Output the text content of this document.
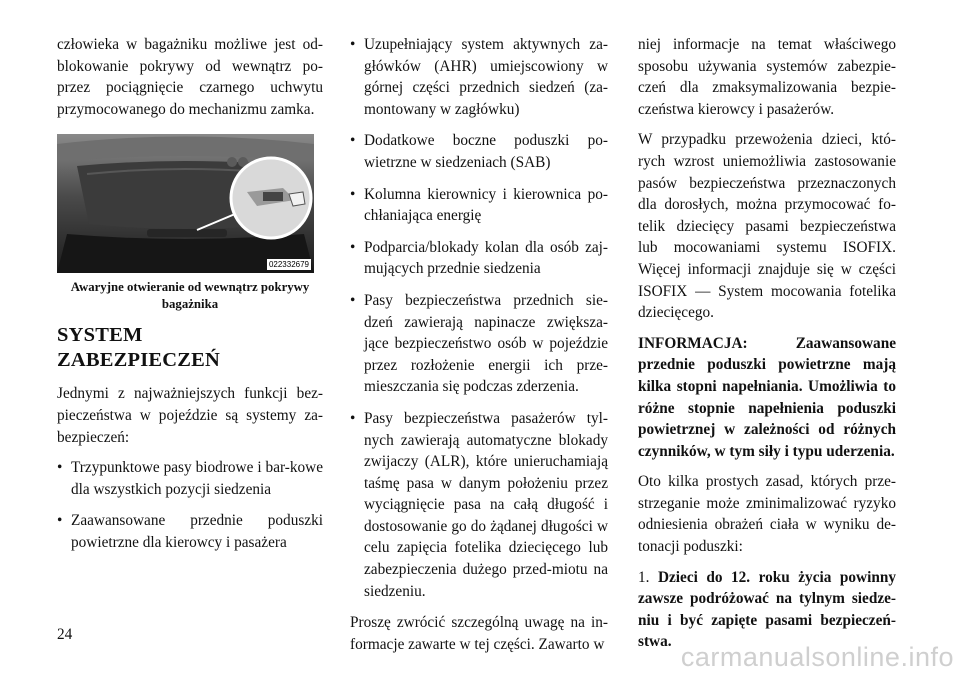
człowieka w bagażniku możliwe jest od-blokowanie pokrywy od wewnątrz po-przez pociągnięcie czarnego uchwytu przymocowanego do mechanizmu zamka.

022332679
Awaryjne otwieranie od wewnątrz pokrywy bagażnika
SYSTEM
ZABEZPIECZEŃ

Jednymi z najważniejszych funkcji bez-pieczeństwa w pojeździe są systemy za-bezpieczeń:

• Trzypunktowe pasy biodrowe i bar-kowe dla wszystkich pozycji siedzenia
• Zaawansowane przednie poduszki powietrzne dla kierowcy i pasażera
• Uzupełniający system aktywnych za-główków (AHR) umiejscowiony w górnej części przednich siedzeń (za-montowany w zagłówku)
• Dodatkowe boczne poduszki po-wietrzne w siedzeniach (SAB)
• Kolumna kierownicy i kierownica po-chłaniająca energię
• Podparcia/blokady kolan dla osób zaj-mujących przednie siedzenia
• Pasy bezpieczeństwa przednich sie-dzeń zawierają napinacze zwiększa-jące bezpieczeństwo osób w pojeździe przez rozłożenie energii ich prze-mieszczania się podczas zderzenia.
• Pasy bezpieczeństwa pasażerów tyl-nych zawierają automatyczne blokady zwijaczy (ALR), które unieruchamiają taśmę pasa w danym położeniu przez wyciągnięcie pasa na całą długość i dostosowanie go do żądanej długości w celu zapięcia fotelika dziecięcego lub zabezpieczenia dużego przed-miotu na siedzeniu.

Proszę zwrócić szczególną uwagę na in-formacje zawarte w tej części. Zawarto w

niej informacje na temat właściwego sposobu używania systemów zabezpie-czeń dla zmaksymalizowania bezpie-czeństwa kierowcy i pasażerów.

W przypadku przewożenia dzieci, któ-rych wzrost uniemożliwia zastosowanie pasów bezpieczeństwa przeznaczonych dla dorosłych, można przymocować fo-telik dziecięcy pasami bezpieczeństwa lub mocowaniami systemu ISOFIX. Więcej informacji znajduje się w części ISOFIX — System mocowania fotelika dziecięcego.

INFORMACJA: Zaawansowane przednie poduszki powietrzne mają kilka stopni napełniania. Umożliwia to różne stopnie napełnienia poduszki powietrznej w zależności od różnych czynników, w tym siły i typu uderzenia.

Oto kilka prostych zasad, których prze-strzeganie może zminimalizować ryzyko odniesienia obrażeń ciała w wyniku de-tonacji poduszki:

1. Dzieci do 12. roku życia powinny zawsze podróżować na tylnym siedze-niu i być zapięte pasami bezpieczeń-stwa.

24
carmanualsonline.info
